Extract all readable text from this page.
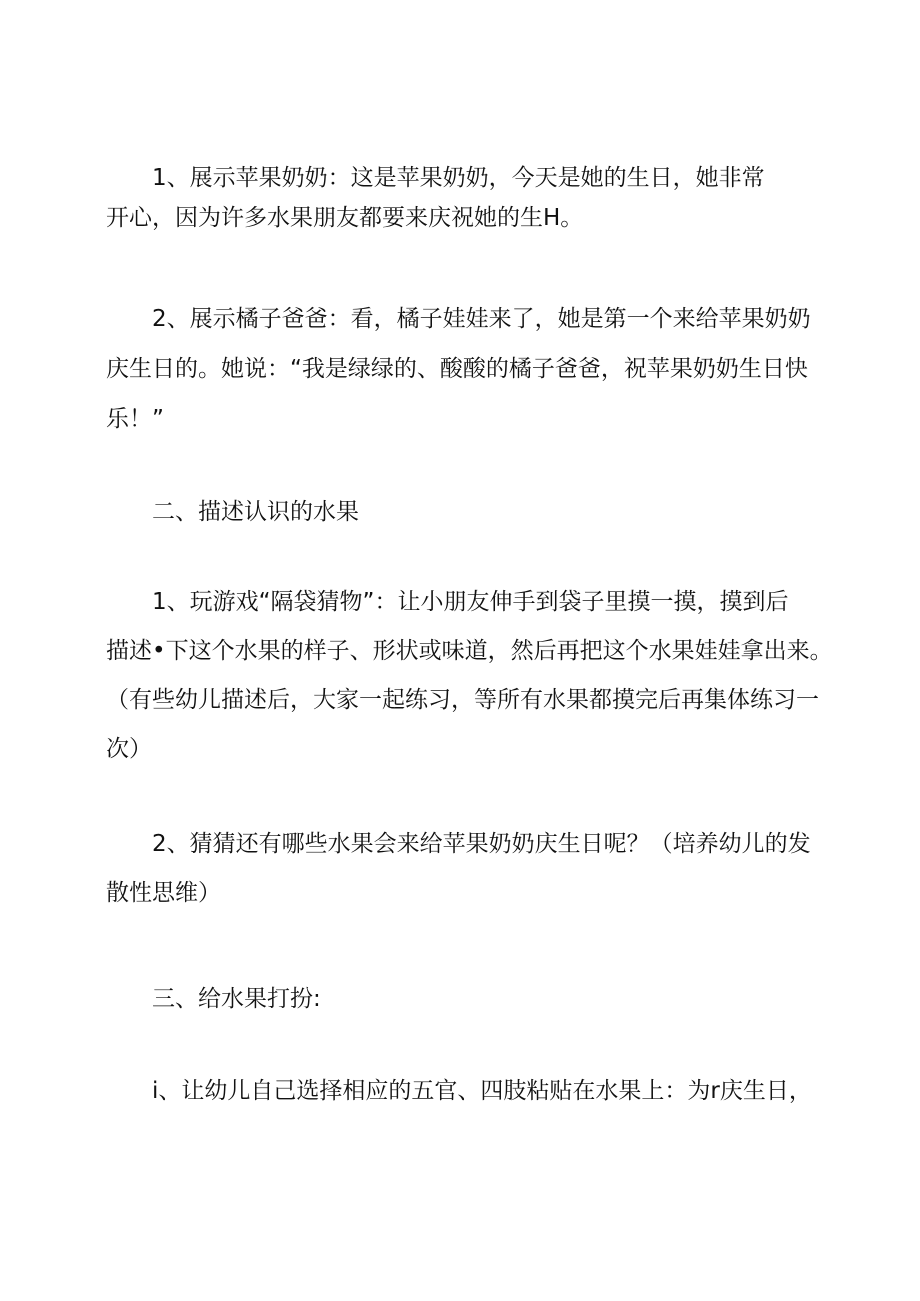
1、展示苹果奶奶：这是苹果奶奶，今天是她的生日，她非常
开心，因为许多水果朋友都要来庆祝她的生H。

2、展示橘子爸爸：看，橘子娃娃来了，她是第一个来给苹果奶奶
庆生日的。她说：“我是绿绿的、酸酸的橘子爸爸，祝苹果奶奶生日快
乐！”

二、描述认识的水果

1、玩游戏“隔袋猜物”：让小朋友伸手到袋子里摸一摸，摸到后
描述•下这个水果的样子、形状或味道，然后再把这个水果娃娃拿出来。
（有些幼儿描述后，大家一起练习，等所有水果都摸完后再集体练习一
次）

2、猜猜还有哪些水果会来给苹果奶奶庆生日呢？（培养幼儿的发
散性思维）

三、给水果打扮:

i、让幼儿自己选择相应的五官、四肢粘贴在水果上：为r庆生日，
